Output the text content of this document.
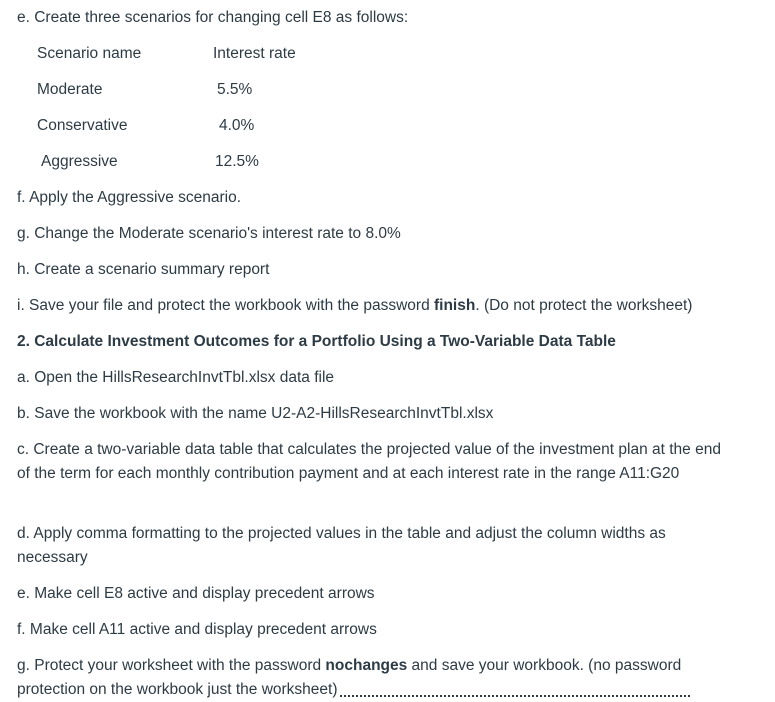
e. Create three scenarios for changing cell E8 as follows:
Scenario name	Interest rate
Moderate	5.5%
Conservative	4.0%
Aggressive	12.5%
f. Apply the Aggressive scenario.
g. Change the Moderate scenario's interest rate to 8.0%
h. Create a scenario summary report
i. Save your file and protect the workbook with the password finish. (Do not protect the worksheet)
2. Calculate Investment Outcomes for a Portfolio Using a Two-Variable Data Table
a. Open the HillsResearchInvtTbl.xlsx data file
b. Save the workbook with the name U2-A2-HillsResearchInvtTbl.xlsx
c. Create a two-variable data table that calculates the projected value of the investment plan at the end of the term for each monthly contribution payment and at each interest rate in the range A11:G20
d. Apply comma formatting to the projected values in the table and adjust the column widths as necessary
e. Make cell E8 active and display precedent arrows
f. Make cell A11 active and display precedent arrows
g. Protect your worksheet with the password nochanges and save your workbook. (no password protection on the workbook just the worksheet)
